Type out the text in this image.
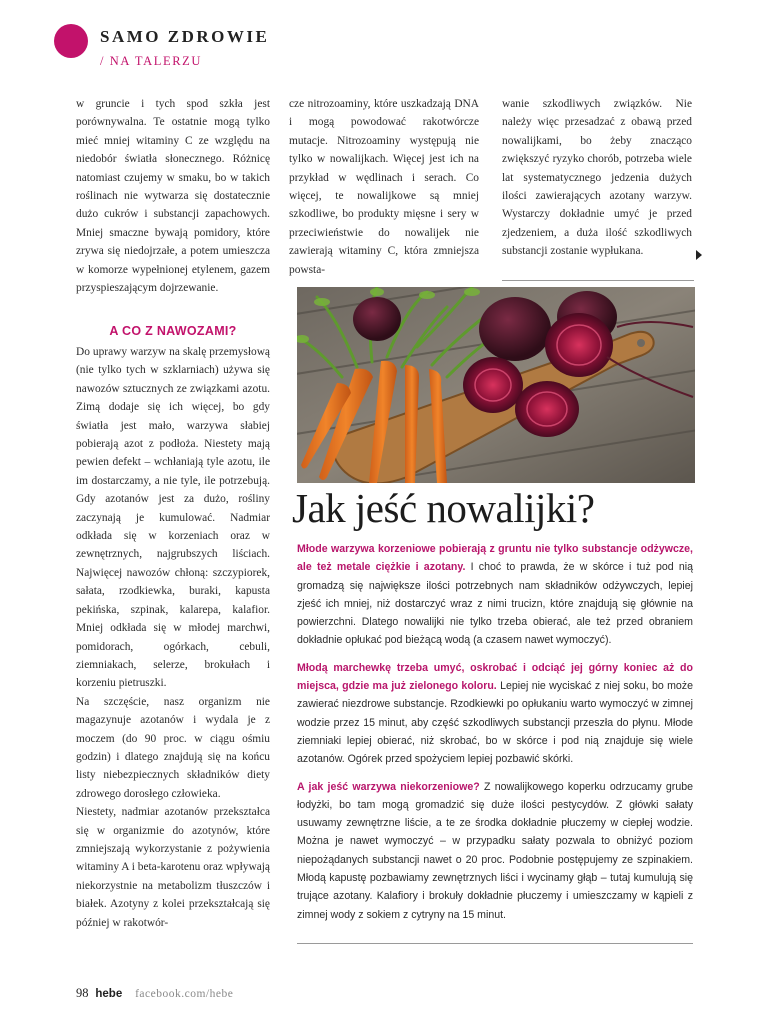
SAMO ZDROWIE
/ NA TALERZU

w gruncie i tych spod szkła jest porównywalna. Te ostatnie mogą tylko mieć mniej witaminy C ze względu na niedobór światła słonecznego. Różnicę natomiast czujemy w smaku, bo w takich roślinach nie wytwarza się dostatecznie dużo cukrów i substancji zapachowych. Mniej smaczne bywają pomidory, które zrywa się niedojrzałe, a potem umieszcza w komorze wypełnionej etylenem, gazem przyspieszającym dojrzewanie.

A CO Z NAWOZAMI?

Do uprawy warzyw na skalę przemysłową (nie tylko tych w szklarniach) używa się nawozów sztucznych ze związkami azotu. Zimą dodaje się ich więcej, bo gdy światła jest mało, warzywa słabiej pobierają azot z podłoża. Niestety mają pewien defekt – wchłaniają tyle azotu, ile im dostarczamy, a nie tyle, ile potrzebują. Gdy azotanów jest za dużo, rośliny zaczynają je kumulować. Nadmiar odkłada się w korzeniach oraz w zewnętrznych, najgrubszych liściach. Najwięcej nawozów chłoną: szczypiorek, sałata, rzodkiewka, buraki, kapusta pekińska, szpinak, kalarepa, kalafior. Mniej odkłada się w młodej marchwi, pomidorach, ogórkach, cebuli, ziemniakach, selerze, brokułach i korzeniu pietruszki.

Na szczęście, nasz organizm nie magazynuje azotanów i wydala je z moczem (do 90 proc. w ciągu ośmiu godzin) i dlatego znajdują się na końcu listy niebezpiecznych składników diety zdrowego dorosłego człowieka.

Niestety, nadmiar azotanów przekształca się w organizmie do azotynów, które zmniejszają wykorzystanie z pożywienia witaminy A i beta-karotenu oraz wpływają niekorzystnie na metabolizm tłuszczów i białek. Azotyny z kolei przekształcają się później w rakotwór-

cze nitrozoaminy, które uszkadzają DNA i mogą powodować rakotwórcze mutacje. Nitrozoaminy występują nie tylko w nowalijkach. Więcej jest ich na przykład w wędlinach i serach. Co więcej, te nowalijkowe są mniej szkodliwe, bo produkty mięsne i sery w przeciwieństwie do nowalijek nie zawierają witaminy C, która zmniejsza powsta-

wanie szkodliwych związków. Nie należy więc przesadzać z obawą przed nowalijkami, bo żeby znacząco zwiększyć ryzyko chorób, potrzeba wiele lat systematycznego jedzenia dużych ilości zawierających azotany warzyw. Wystarczy dokładnie umyć je przed zjedzeniem, a duża ilość szkodliwych substancji zostanie wypłukana.

Jak jeść nowalijki?

Młode warzywa korzeniowe pobierają z gruntu nie tylko substancje odżywcze, ale też metale ciężkie i azotany. I choć to prawda, że w skórce i tuż pod nią gromadzą się największe ilości potrzebnych nam składników odżywczych, lepiej zjeść ich mniej, niż dostarczyć wraz z nimi trucizn, które znajdują się głównie na powierzchni. Dlatego nowalijki nie tylko trzeba obierać, ale też przed obraniem dokładnie opłukać pod bieżącą wodą (a czasem nawet wymoczyć).

Młodą marchewkę trzeba umyć, oskrobać i odciąć jej górny koniec aż do miejsca, gdzie ma już zielonego koloru. Lepiej nie wyciskać z niej soku, bo może zawierać niezdrowe substancje. Rzodkiewki po opłukaniu warto wymoczyć w zimnej wodzie przez 15 minut, aby część szkodliwych substancji przeszła do płynu. Młode ziemniaki lepiej obierać, niż skrobać, bo w skórce i pod nią znajduje się wiele azotanów. Ogórek przed spożyciem lepiej pozbawić skórki.

A jak jeść warzywa niekorzeniowe? Z nowalijkowego koperku odrzucamy grube łodyżki, bo tam mogą gromadzić się duże ilości pestycydów. Z główki sałaty usuwamy zewnętrzne liście, a te ze środka dokładnie płuczemy w ciepłej wodzie. Można je nawet wymoczyć – w przypadku sałaty pozwala to obniżyć poziom niepożądanych substancji nawet o 20 proc. Podobnie postępujemy ze szpinakiem. Młodą kapustę pozbawiamy zewnętrznych liści i wycinamy głąb – tutaj kumulują się trujące azotany. Kalafiory i brokuły dokładnie płuczemy i umieszczamy w kąpieli z zimnej wody z sokiem z cytryny na 15 minut.

98 hebe facebook.com/hebe
